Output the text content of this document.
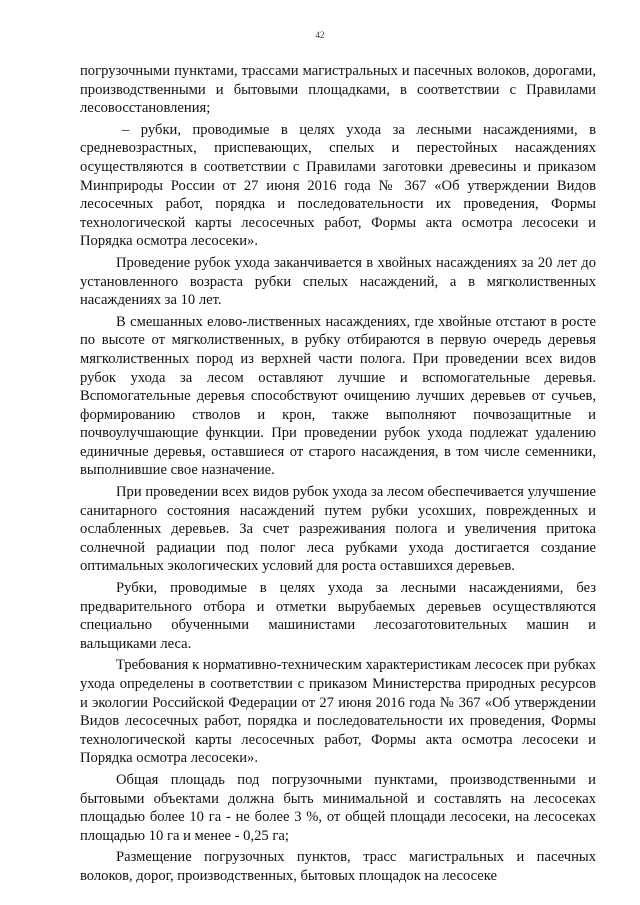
42

погрузочными пунктами, трассами магистральных и пасечных волоков, дорогами, производственными и бытовыми площадками, в соответствии с Правилами лесовосстановления;

– рубки, проводимые в целях ухода за лесными насаждениями, в средневозрастных, приспевающих, спелых и перестойных насаждениях осуществляются в соответствии с Правилами заготовки древесины и приказом Минприроды России от 27 июня 2016 года № 367 «Об утверждении Видов лесосечных работ, порядка и последовательности их проведения, Формы технологической карты лесосечных работ, Формы акта осмотра лесосеки и Порядка осмотра лесосеки».

Проведение рубок ухода заканчивается в хвойных насаждениях за 20 лет до установленного возраста рубки спелых насаждений, а в мягколиственных насаждениях за 10 лет.

В смешанных елово-лиственных насаждениях, где хвойные отстают в росте по высоте от мягколиственных, в рубку отбираются в первую очередь деревья мягколиственных пород из верхней части полога. При проведении всех видов рубок ухода за лесом оставляют лучшие и вспомогательные деревья. Вспомогательные деревья способствуют очищению лучших деревьев от сучьев, формированию стволов и крон, также выполняют почвозащитные и почвоулучшающие функции. При проведении рубок ухода подлежат удалению единичные деревья, оставшиеся от старого насаждения, в том числе семенники, выполнившие свое назначение.

При проведении всех видов рубок ухода за лесом обеспечивается улучшение санитарного состояния насаждений путем рубки усохших, поврежденных и ослабленных деревьев. За счет разреживания полога и увеличения притока солнечной радиации под полог леса рубками ухода достигается создание оптимальных экологических условий для роста оставшихся деревьев.

Рубки, проводимые в целях ухода за лесными насаждениями, без предварительного отбора и отметки вырубаемых деревьев осуществляются специально обученными машинистами лесозаготовительных машин и вальщиками леса.

Требования к нормативно-техническим характеристикам лесосек при рубках ухода определены в соответствии с приказом Министерства природных ресурсов и экологии Российской Федерации от 27 июня 2016 года № 367 «Об утверждении Видов лесосечных работ, порядка и последовательности их проведения, Формы технологической карты лесосечных работ, Формы акта осмотра лесосеки и Порядка осмотра лесосеки».

Общая площадь под погрузочными пунктами, производственными и бытовыми объектами должна быть минимальной и составлять на лесосеках площадью более 10 га - не более 3 %, от общей площади лесосеки, на лесосеках площадью 10 га и менее - 0,25 га;

Размещение погрузочных пунктов, трасс магистральных и пасечных волоков, дорог, производственных, бытовых площадок на лесосеке
